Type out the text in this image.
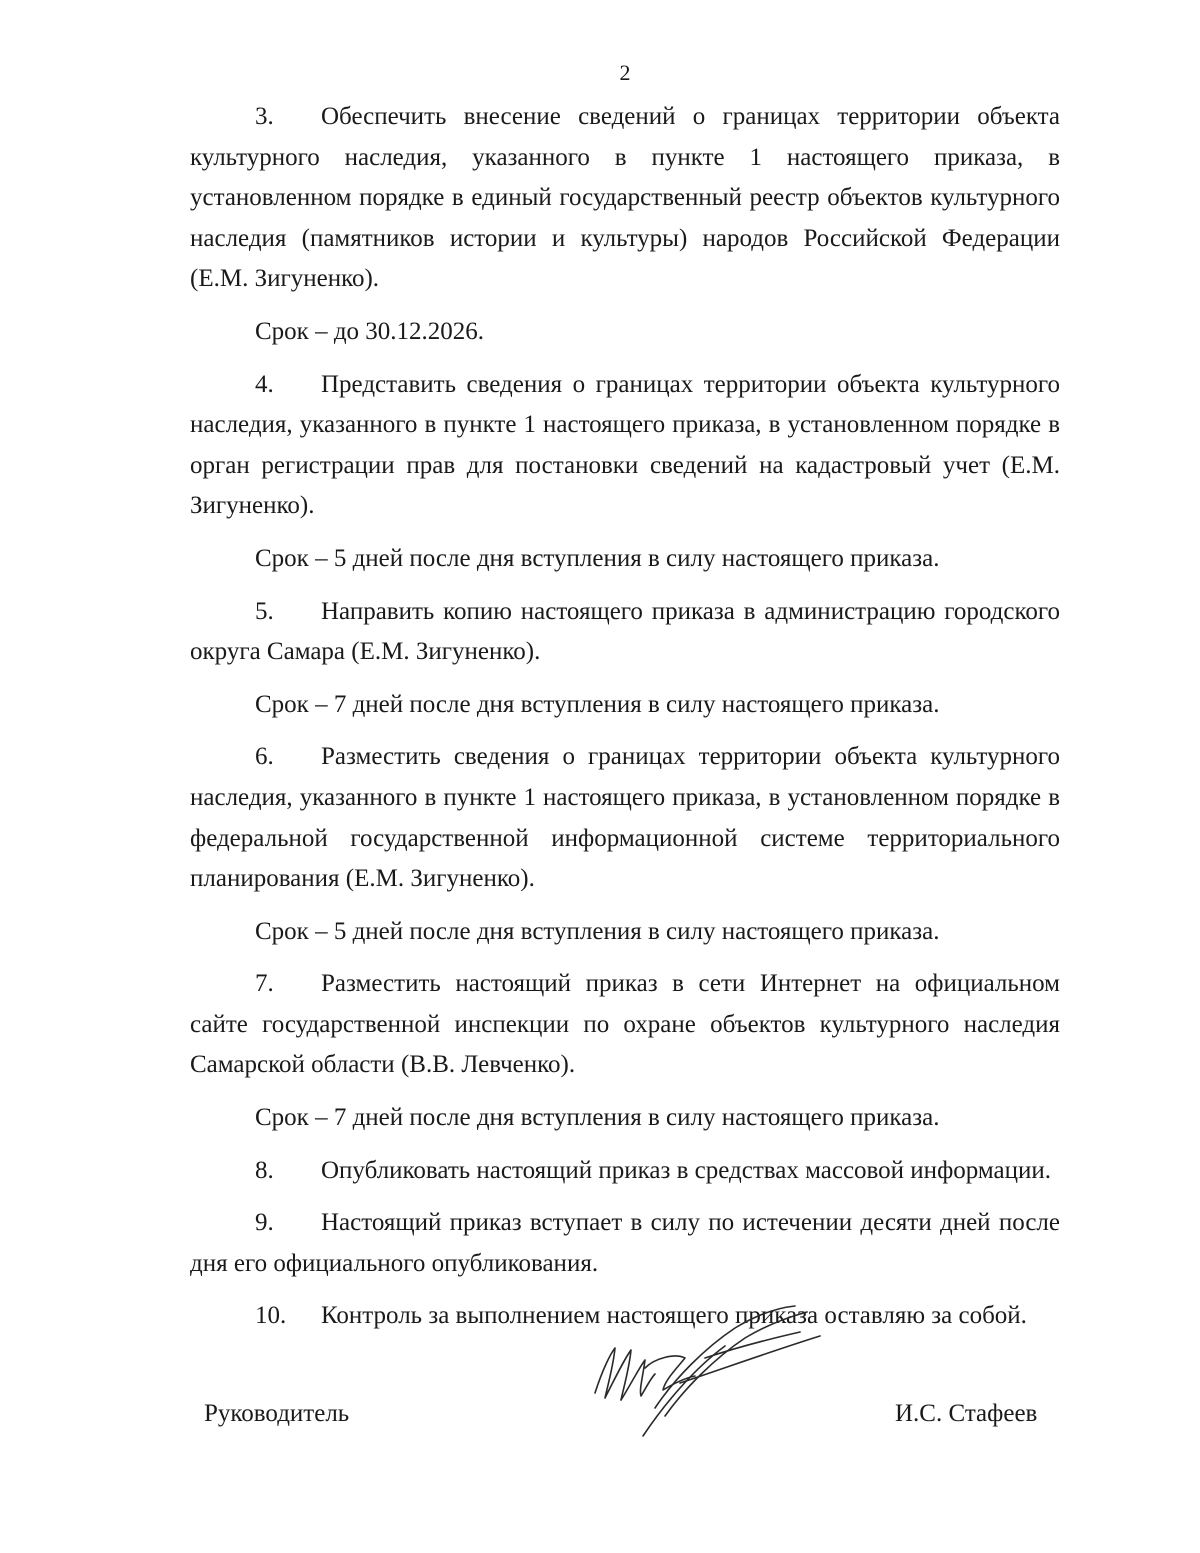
2

3. Обеспечить внесение сведений о границах территории объекта культурного наследия, указанного в пункте 1 настоящего приказа, в установленном порядке в единый государственный реестр объектов культурного наследия (памятников истории и культуры) народов Российской Федерации (Е.М. Зигуненко).

Срок – до 30.12.2026.

4. Представить сведения о границах территории объекта культурного наследия, указанного в пункте 1 настоящего приказа, в установленном порядке в орган регистрации прав для постановки сведений на кадастровый учет (Е.М. Зигуненко).

Срок – 5 дней после дня вступления в силу настоящего приказа.

5. Направить копию настоящего приказа в администрацию городского округа Самара (Е.М. Зигуненко).

Срок – 7 дней после дня вступления в силу настоящего приказа.

6. Разместить сведения о границах территории объекта культурного наследия, указанного в пункте 1 настоящего приказа, в установленном порядке в федеральной государственной информационной системе территориального планирования (Е.М. Зигуненко).

Срок – 5 дней после дня вступления в силу настоящего приказа.

7. Разместить настоящий приказ в сети Интернет на официальном сайте государственной инспекции по охране объектов культурного наследия Самарской области (В.В. Левченко).

Срок – 7 дней после дня вступления в силу настоящего приказа.

8. Опубликовать настоящий приказ в средствах массовой информации.

9. Настоящий приказ вступает в силу по истечении десяти дней после дня его официального опубликования.

10. Контроль за выполнением настоящего приказа оставляю за собой.

Руководитель	И.С. Стафеев
